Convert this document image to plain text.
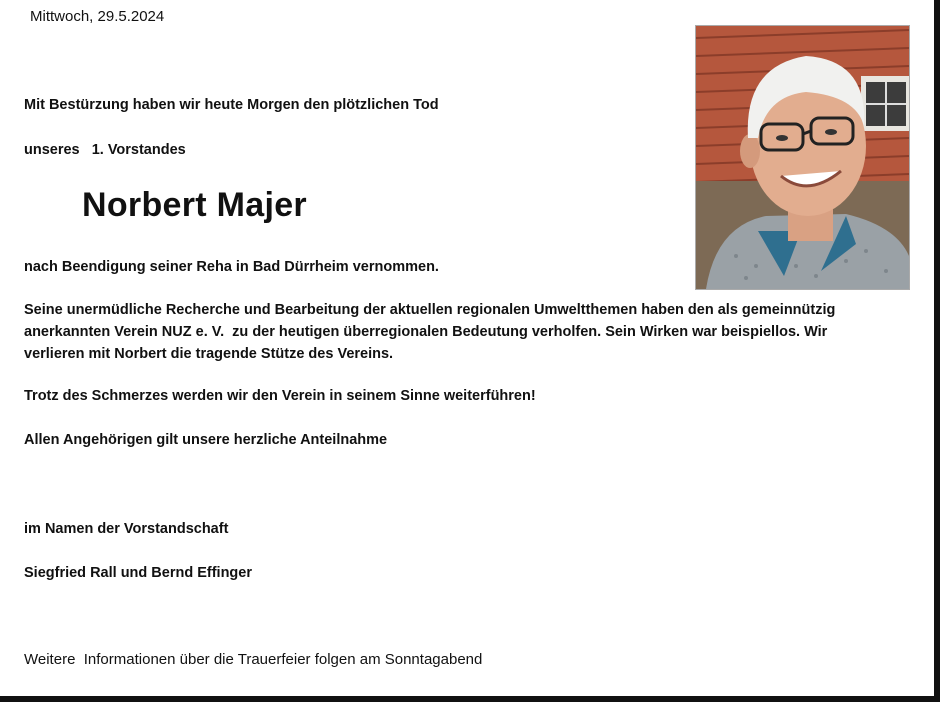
Mittwoch, 29.5.2024

Mit Bestürzung haben wir heute Morgen den plötzlichen Tod

unseres   1. Vorstandes

Norbert Majer

nach Beendigung seiner Reha in Bad Dürrheim vernommen.

Seine unermüdliche Recherche und Bearbeitung der aktuellen regionalen Umweltthemen haben den als gemeinnützig

anerkannten Verein NUZ e. V.  zu der heutigen überregionalen Bedeutung verholfen. Sein Wirken war beispiellos. Wir

verlieren mit Norbert die tragende Stütze des Vereins.

Trotz des Schmerzes werden wir den Verein in seinem Sinne weiterführen!

Allen Angehörigen gilt unsere herzliche Anteilnahme

im Namen der Vorstandschaft

Siegfried Rall und Bernd Effinger

Weitere  Informationen über die Trauerfeier folgen am Sonntagabend
